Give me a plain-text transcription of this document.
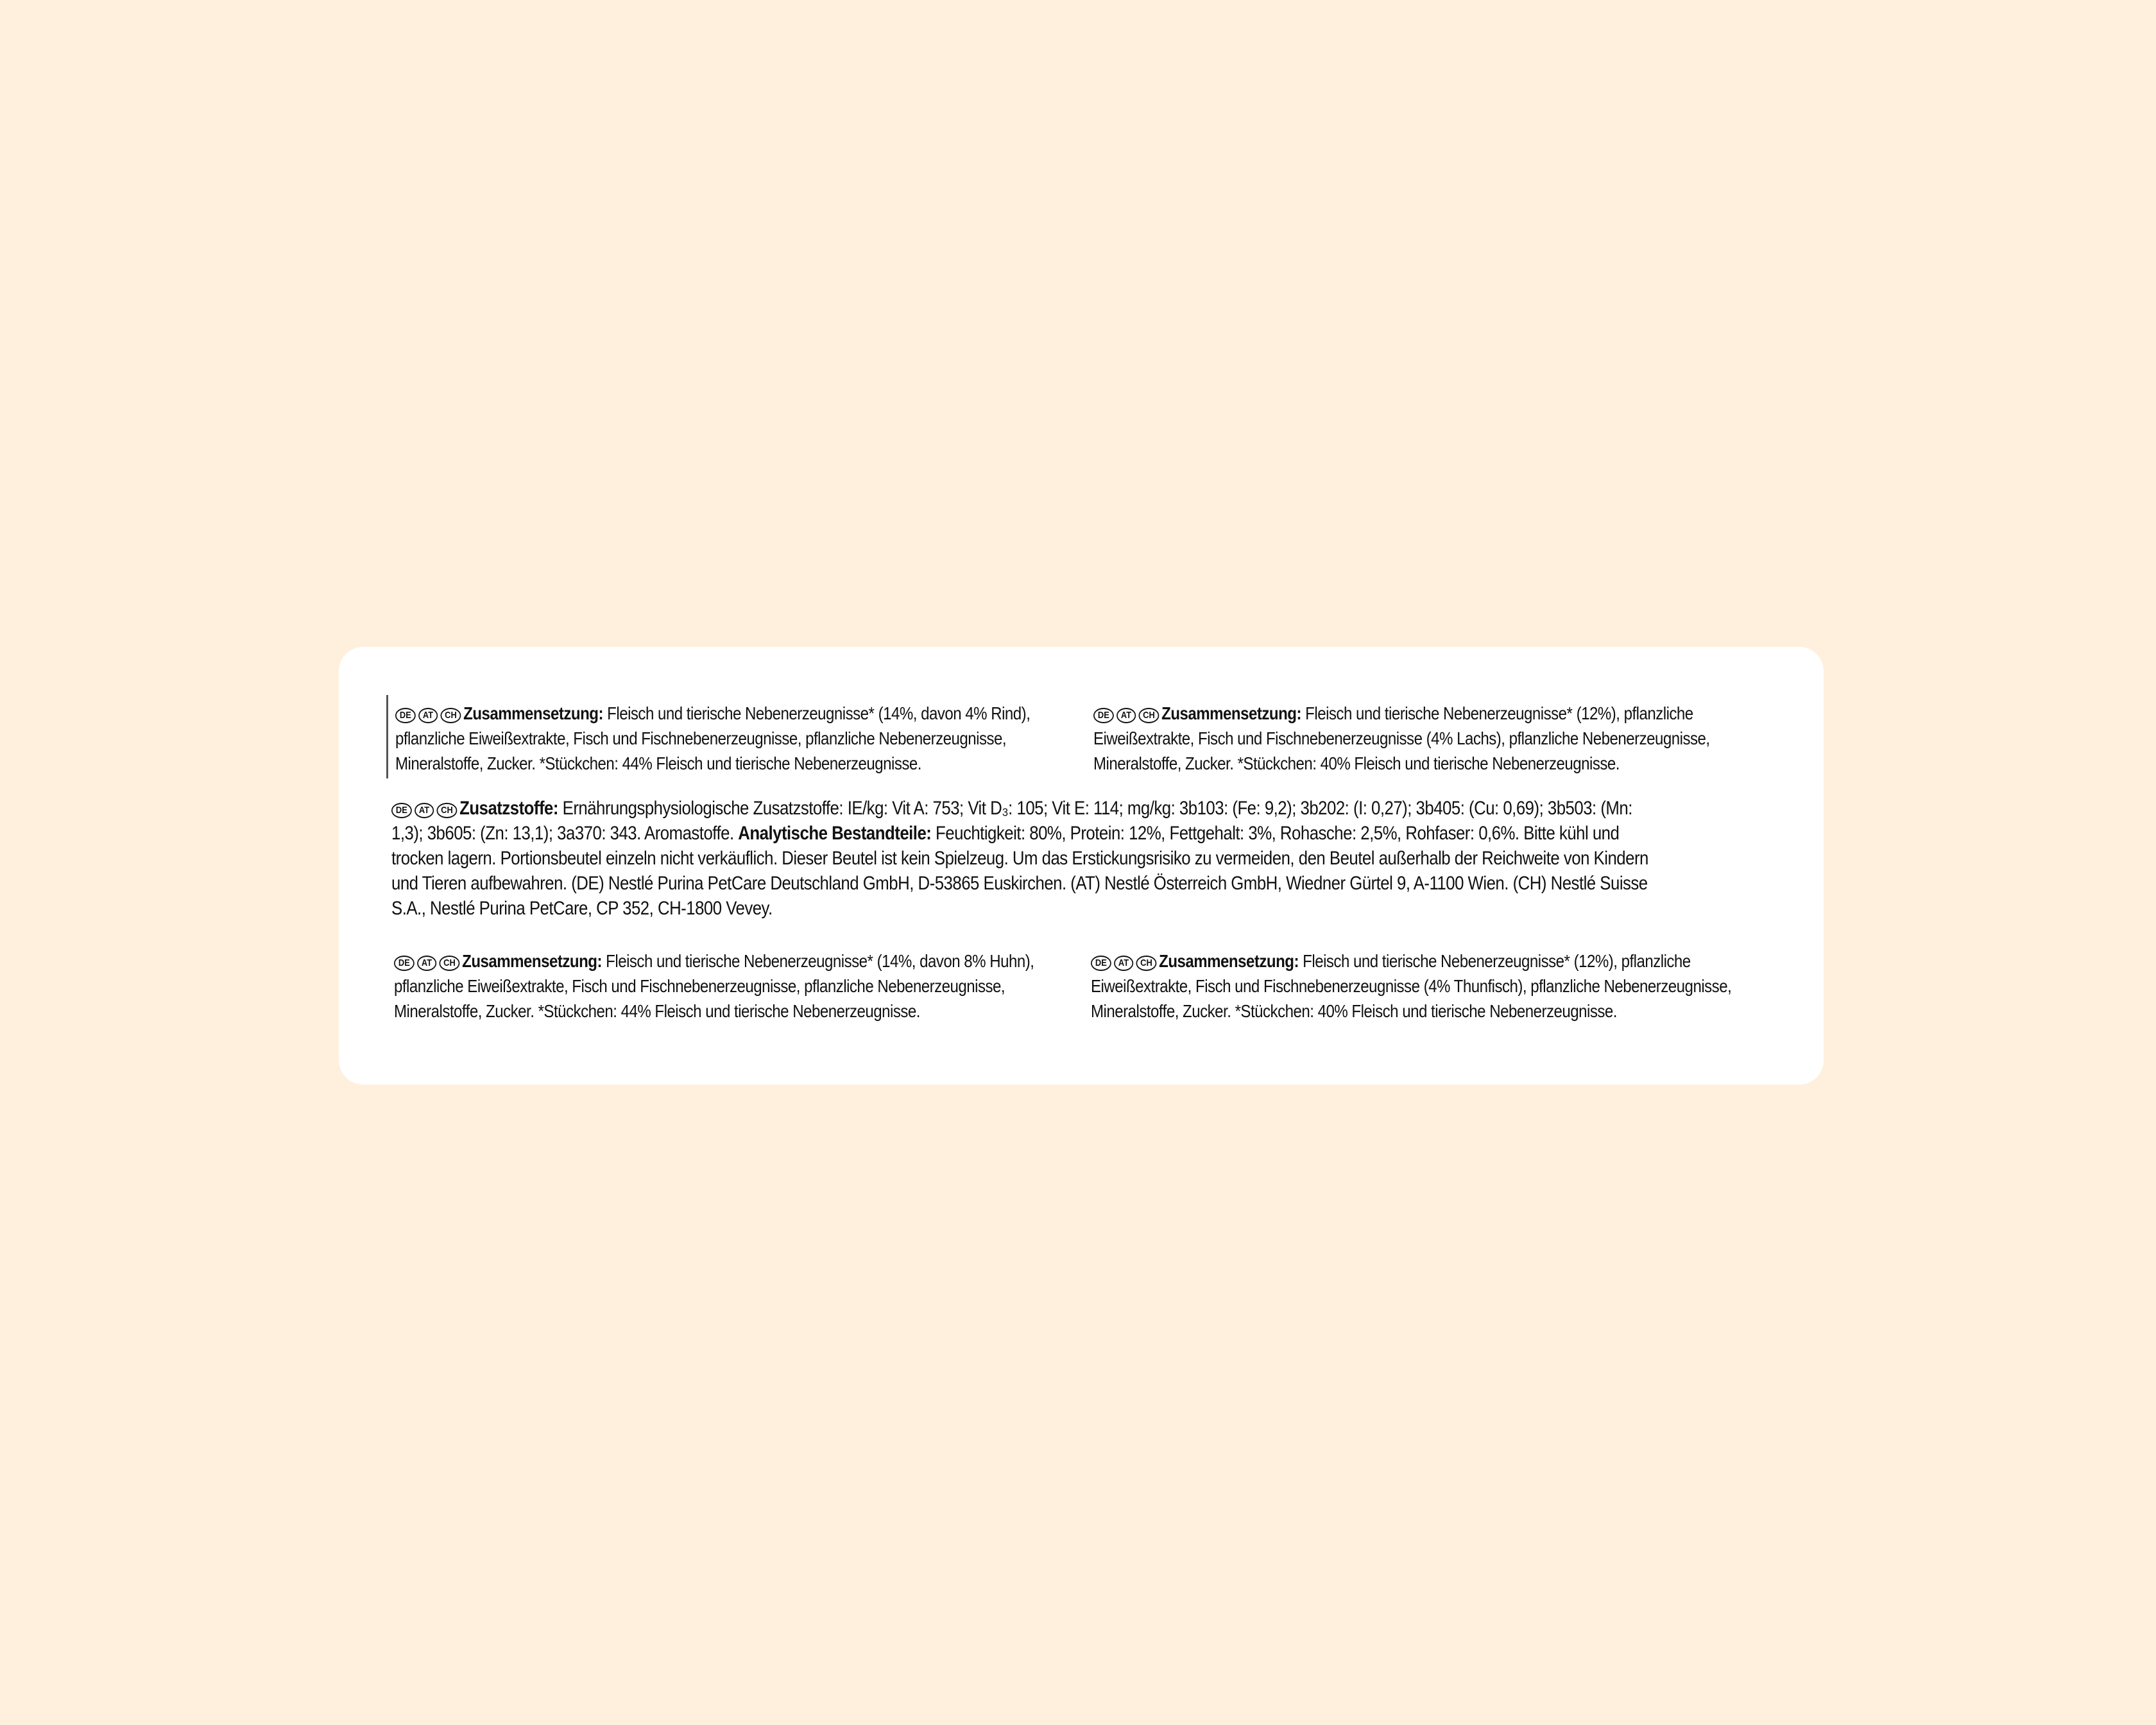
DE	AT	CH Zusammensetzung: Fleisch und tierische Nebenerzeugnisse* (14%, davon 4% Rind), pflanzliche Eiweißextrakte, Fisch und Fischnebenerzeugnisse, pflanzliche Nebenerzeugnisse, Mineralstoffe, Zucker. *Stückchen: 44% Fleisch und tierische Nebenerzeugnisse.
DE	AT	CH Zusammensetzung: Fleisch und tierische Nebenerzeugnisse* (12%), pflanzliche Eiweißextrakte, Fisch und Fischnebenerzeugnisse (4% Lachs), pflanzliche Nebenerzeugnisse, Mineralstoffe, Zucker. *Stückchen: 40% Fleisch und tierische Nebenerzeugnisse.
DE	AT	CH Zusatzstoffe: Ernährungsphysiologische Zusatzstoffe: IE/kg: Vit A: 753; Vit D₃: 105; Vit E: 114; mg/kg: 3b103: (Fe: 9,2); 3b202: (I: 0,27); 3b405: (Cu: 0,69); 3b503: (Mn: 1,3); 3b605: (Zn: 13,1); 3a370: 343. Aromastoffe. Analytische Bestandteile: Feuchtigkeit: 80%, Protein: 12%, Fettgehalt: 3%, Rohasche: 2,5%, Rohfaser: 0,6%. Bitte kühl und trocken lagern. Portionsbeutel einzeln nicht verkäuflich. Dieser Beutel ist kein Spielzeug. Um das Erstickungsrisiko zu vermeiden, den Beutel außerhalb der Reichweite von Kindern und Tieren aufbewahren. (DE) Nestlé Purina PetCare Deutschland GmbH, D-53865 Euskirchen. (AT) Nestlé Österreich GmbH, Wiedner Gürtel 9, A-1100 Wien. (CH) Nestlé Suisse S.A., Nestlé Purina PetCare, CP 352, CH-1800 Vevey.
DE	AT	CH Zusammensetzung: Fleisch und tierische Nebenerzeugnisse* (14%, davon 8% Huhn), pflanzliche Eiweißextrakte, Fisch und Fischnebenerzeugnisse, pflanzliche Nebenerzeugnisse, Mineralstoffe, Zucker. *Stückchen: 44% Fleisch und tierische Nebenerzeugnisse.
DE	AT	CH Zusammensetzung: Fleisch und tierische Nebenerzeugnisse* (12%), pflanzliche Eiweißextrakte, Fisch und Fischnebenerzeugnisse (4% Thunfisch), pflanzliche Nebenerzeugnisse, Mineralstoffe, Zucker. *Stückchen: 40% Fleisch und tierische Nebenerzeugnisse.
